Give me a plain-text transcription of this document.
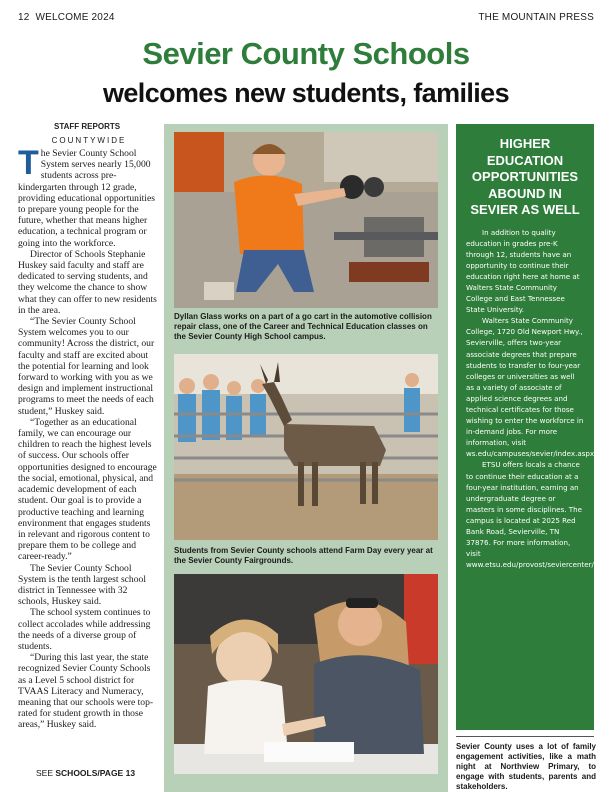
12 WELCOME 2024	THE MOUNTAIN PRESS
Sevier County Schools
welcomes new students, families
STAFF REPORTS
COUNTYWIDE

The Sevier County School System serves nearly 15,000 students across pre-kindergarten through 12 grade, providing educational opportunities to prepare young people for the future, whether that means higher education, a technical program or going into the workforce.

Director of Schools Stephanie Huskey said faculty and staff are dedicated to serving students, and they welcome the chance to show what they can offer to new residents in the area.

“The Sevier County School System welcomes you to our community! Across the district, our faculty and staff are excited about the potential for learning and look forward to working with you as we design and implement instructional programs to meet the needs of each student,” Huskey said.

“Together as an educational family, we can encourage our children to reach the highest levels of success. Our schools offer opportunities designed to encourage the social, emotional, physical, and academic development of each student. Our goal is to provide a productive teaching and learning environment that engages students in relevant and rigorous content to prepare them to be college and career-ready.”

The Sevier County School System is the tenth largest school district in Tennessee with 32 schools, Huskey said.

The school system continues to collect accolades while addressing the needs of a diverse group of students.

“During this last year, the state recognized Sevier County Schools as a Level 5 school district for TVAAS Literacy and Numeracy, meaning that our schools were top-rated for student growth in those areas,” Huskey said.

SEE SCHOOLS/PAGE 13
Dyllan Glass works on a part of a go cart in the automotive collision repair class, one of the Career and Technical Education classes on the Sevier County High School campus.
Students from Sevier County schools attend Farm Day every year at the Sevier County Fairgrounds.
HIGHER EDUCATION OPPORTUNITIES ABOUND IN SEVIER AS WELL

In addition to quality education in grades pre-K through 12, students have an opportunity to continue their education right here at home at Walters State Community College and East Tennessee State University.

Walters State Community College, 1720 Old Newport Hwy., Sevierville, offers two-year associate degrees that prepare students to transfer to four-year colleges or universities as well as a variety of associate of applied science degrees and technical certificates for those wishing to enter the workforce in in-demand jobs. For more information, visit ws.edu/campuses/sevier/index.aspx.

ETSU offers locals a chance to continue their education at a four-year institution, earning an undergraduate degree or masters in some disciplines. The campus is located at 2025 Red Bank Road, Sevierville, TN 37876. For more information, visit www.etsu.edu/provost/seviercenter/.

Sevier County uses a lot of family engagement activities, like a math night at Northview Primary, to engage with students, parents and stakeholders.
